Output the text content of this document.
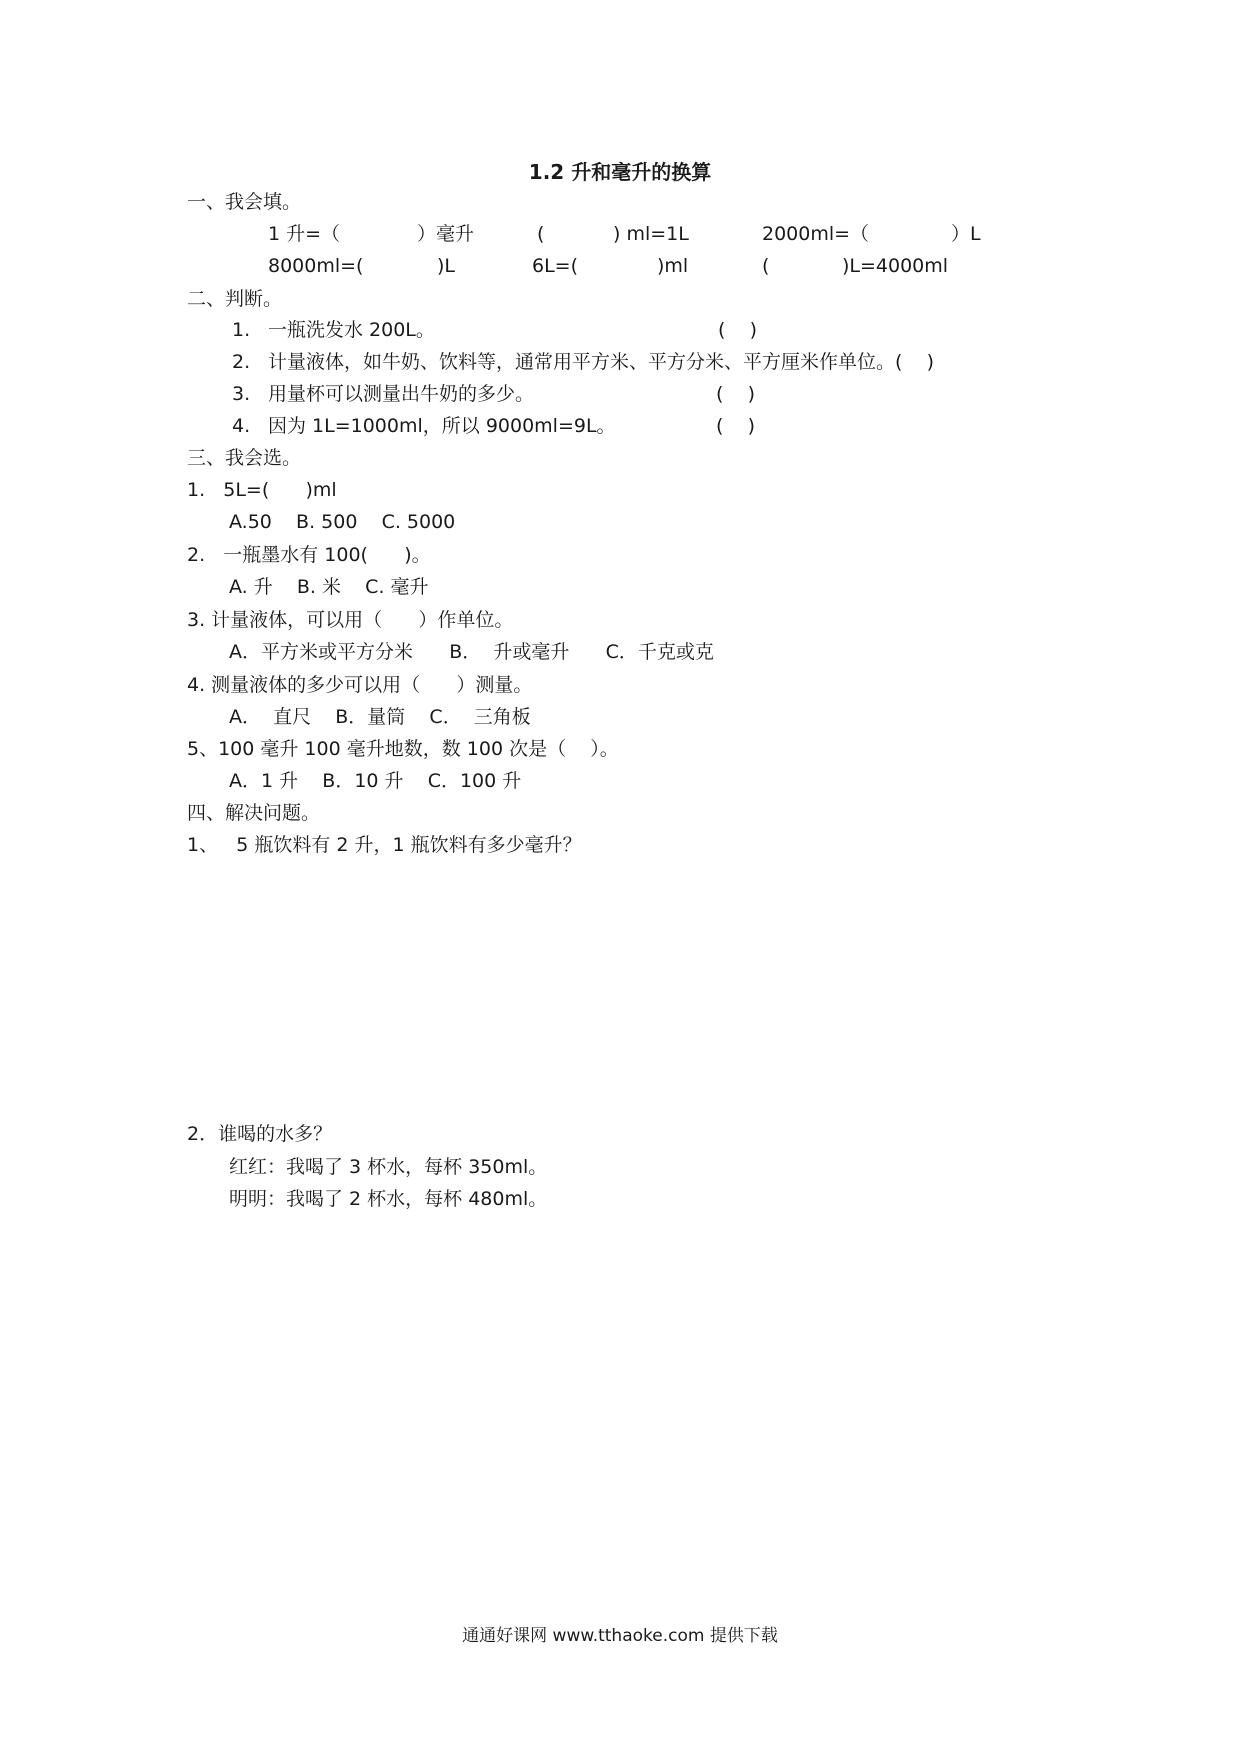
1.2 升和毫升的换算
一、我会填。
1 升=（	）毫升	(	) ml=1L	2000ml=（	）L
8000ml=(	)L	6L=(	)ml	(	)L=4000ml
二、判断。
1. 一瓶洗发水 200L。	(    )
2. 计量液体，如牛奶、饮料等，通常用平方米、平方分米、平方厘米作单位。(    )
3. 用量杯可以测量出牛奶的多少。	(    )
4. 因为 1L=1000ml，所以 9000ml=9L。	(    )
三、我会选。
1.   5L=(      )ml
A.50    B. 500    C. 5000
2.   一瓶墨水有 100(      )。
A. 升    B. 米    C. 毫升
3. 计量液体，可以用（      ）作单位。
A．平方米或平方分米      B．  升或毫升      C．千克或克
4. 测量液体的多少可以用（      ）测量。
A．  直尺    B．量筒    C．  三角板
5、100 毫升 100 毫升地数，数 100 次是（    ）。
A．1 升    B．10 升    C．100 升
四、解决问题。
1、   5 瓶饮料有 2 升，1 瓶饮料有多少毫升？
2．谁喝的水多？
红红：我喝了 3 杯水，每杯 350ml。
明明：我喝了 2 杯水，每杯 480ml。
通通好课网 www.tthaoke.com 提供下载
